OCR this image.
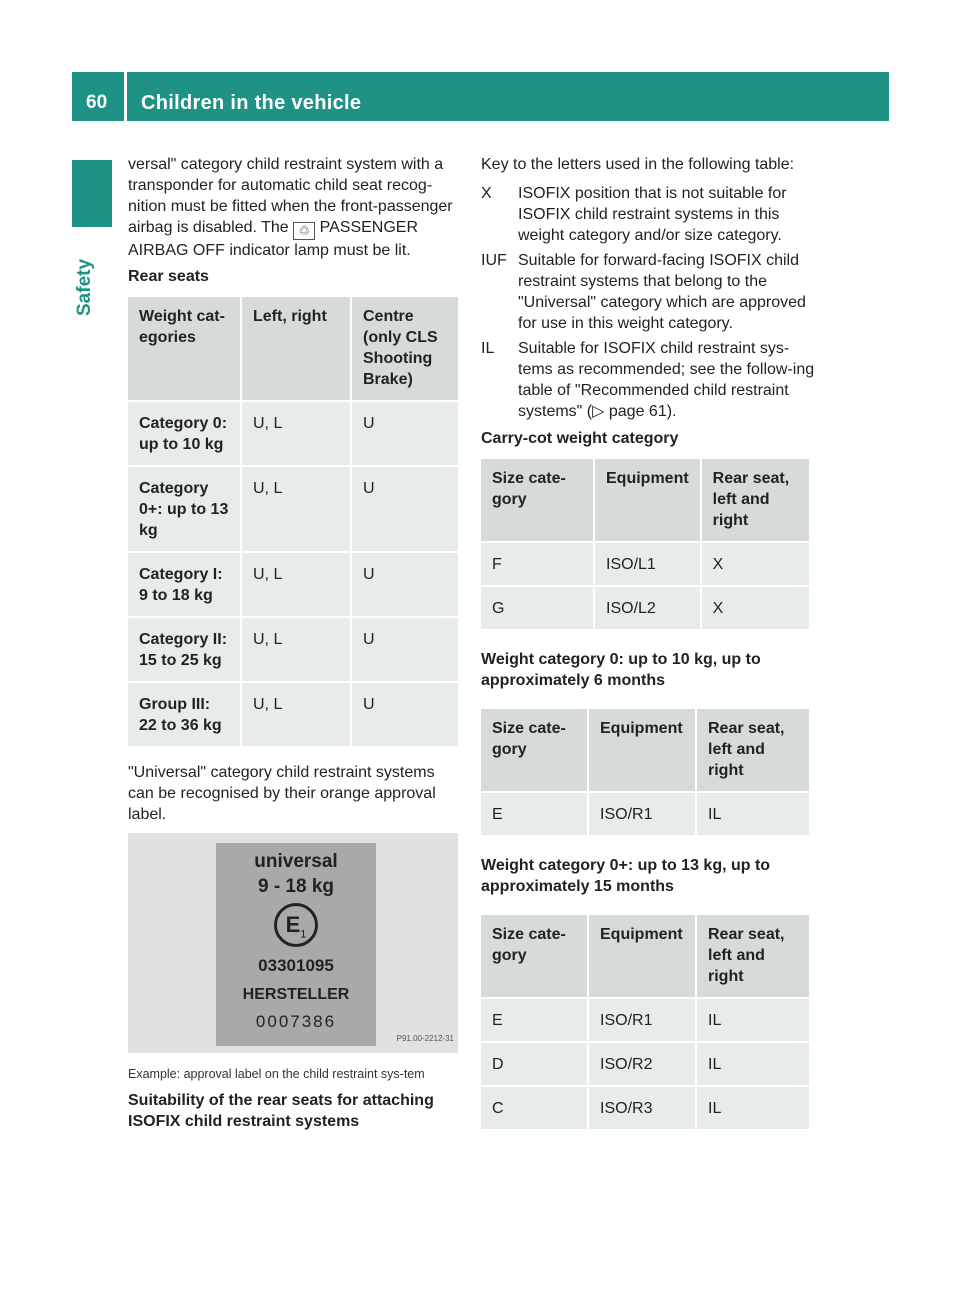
60 Children in the vehicle
Safety

versal" category child restraint system with a transponder for automatic child seat recog-nition must be fitted when the front-passenger airbag is disabled. The ♲ PASSENGER AIRBAG OFF indicator lamp must be lit.

Rear seats
Weight cat-egories	Left, right	Centre (only CLS Shooting Brake)
Category 0: up to 10 kg	U, L	U
Category 0+: up to 13 kg	U, L	U
Category I: 9 to 18 kg	U, L	U
Category II: 15 to 25 kg	U, L	U
Group III: 22 to 36 kg	U, L	U

"Universal" category child restraint systems can be recognised by their orange approval label.

universal
9 - 18 kg
$E_1$
03301095
HERSTELLER
0007386
P91.00-2212-31

Example: approval label on the child restraint sys-tem

Suitability of the rear seats for attaching ISOFIX child restraint systems

Key to the letters used in the following table:

X	ISOFIX position that is not suitable for ISOFIX child restraint systems in this weight category and/or size category.
IUF Suitable for forward-facing ISOFIX child restraint systems that belong to the "Universal" category which are approved for use in this weight category.
IL	Suitable for ISOFIX child restraint sys-tems as recommended; see the follow-ing table of "Recommended child restraint systems" (▷ page 61).
Carry-cot weight category
Size cate-gory	Equipment	Rear seat, left and right
F	ISO/L1	X
G	ISO/L2	X
Weight category 0: up to 10 kg, up to approximately 6 months
Size cate-gory	Equipment	Rear seat, left and right
E	ISO/R1	IL
Weight category 0+: up to 13 kg, up to approximately 15 months
Size cate-gory	Equipment	Rear seat, left and right
E	ISO/R1	IL
D	ISO/R2	IL
C	ISO/R3	IL
